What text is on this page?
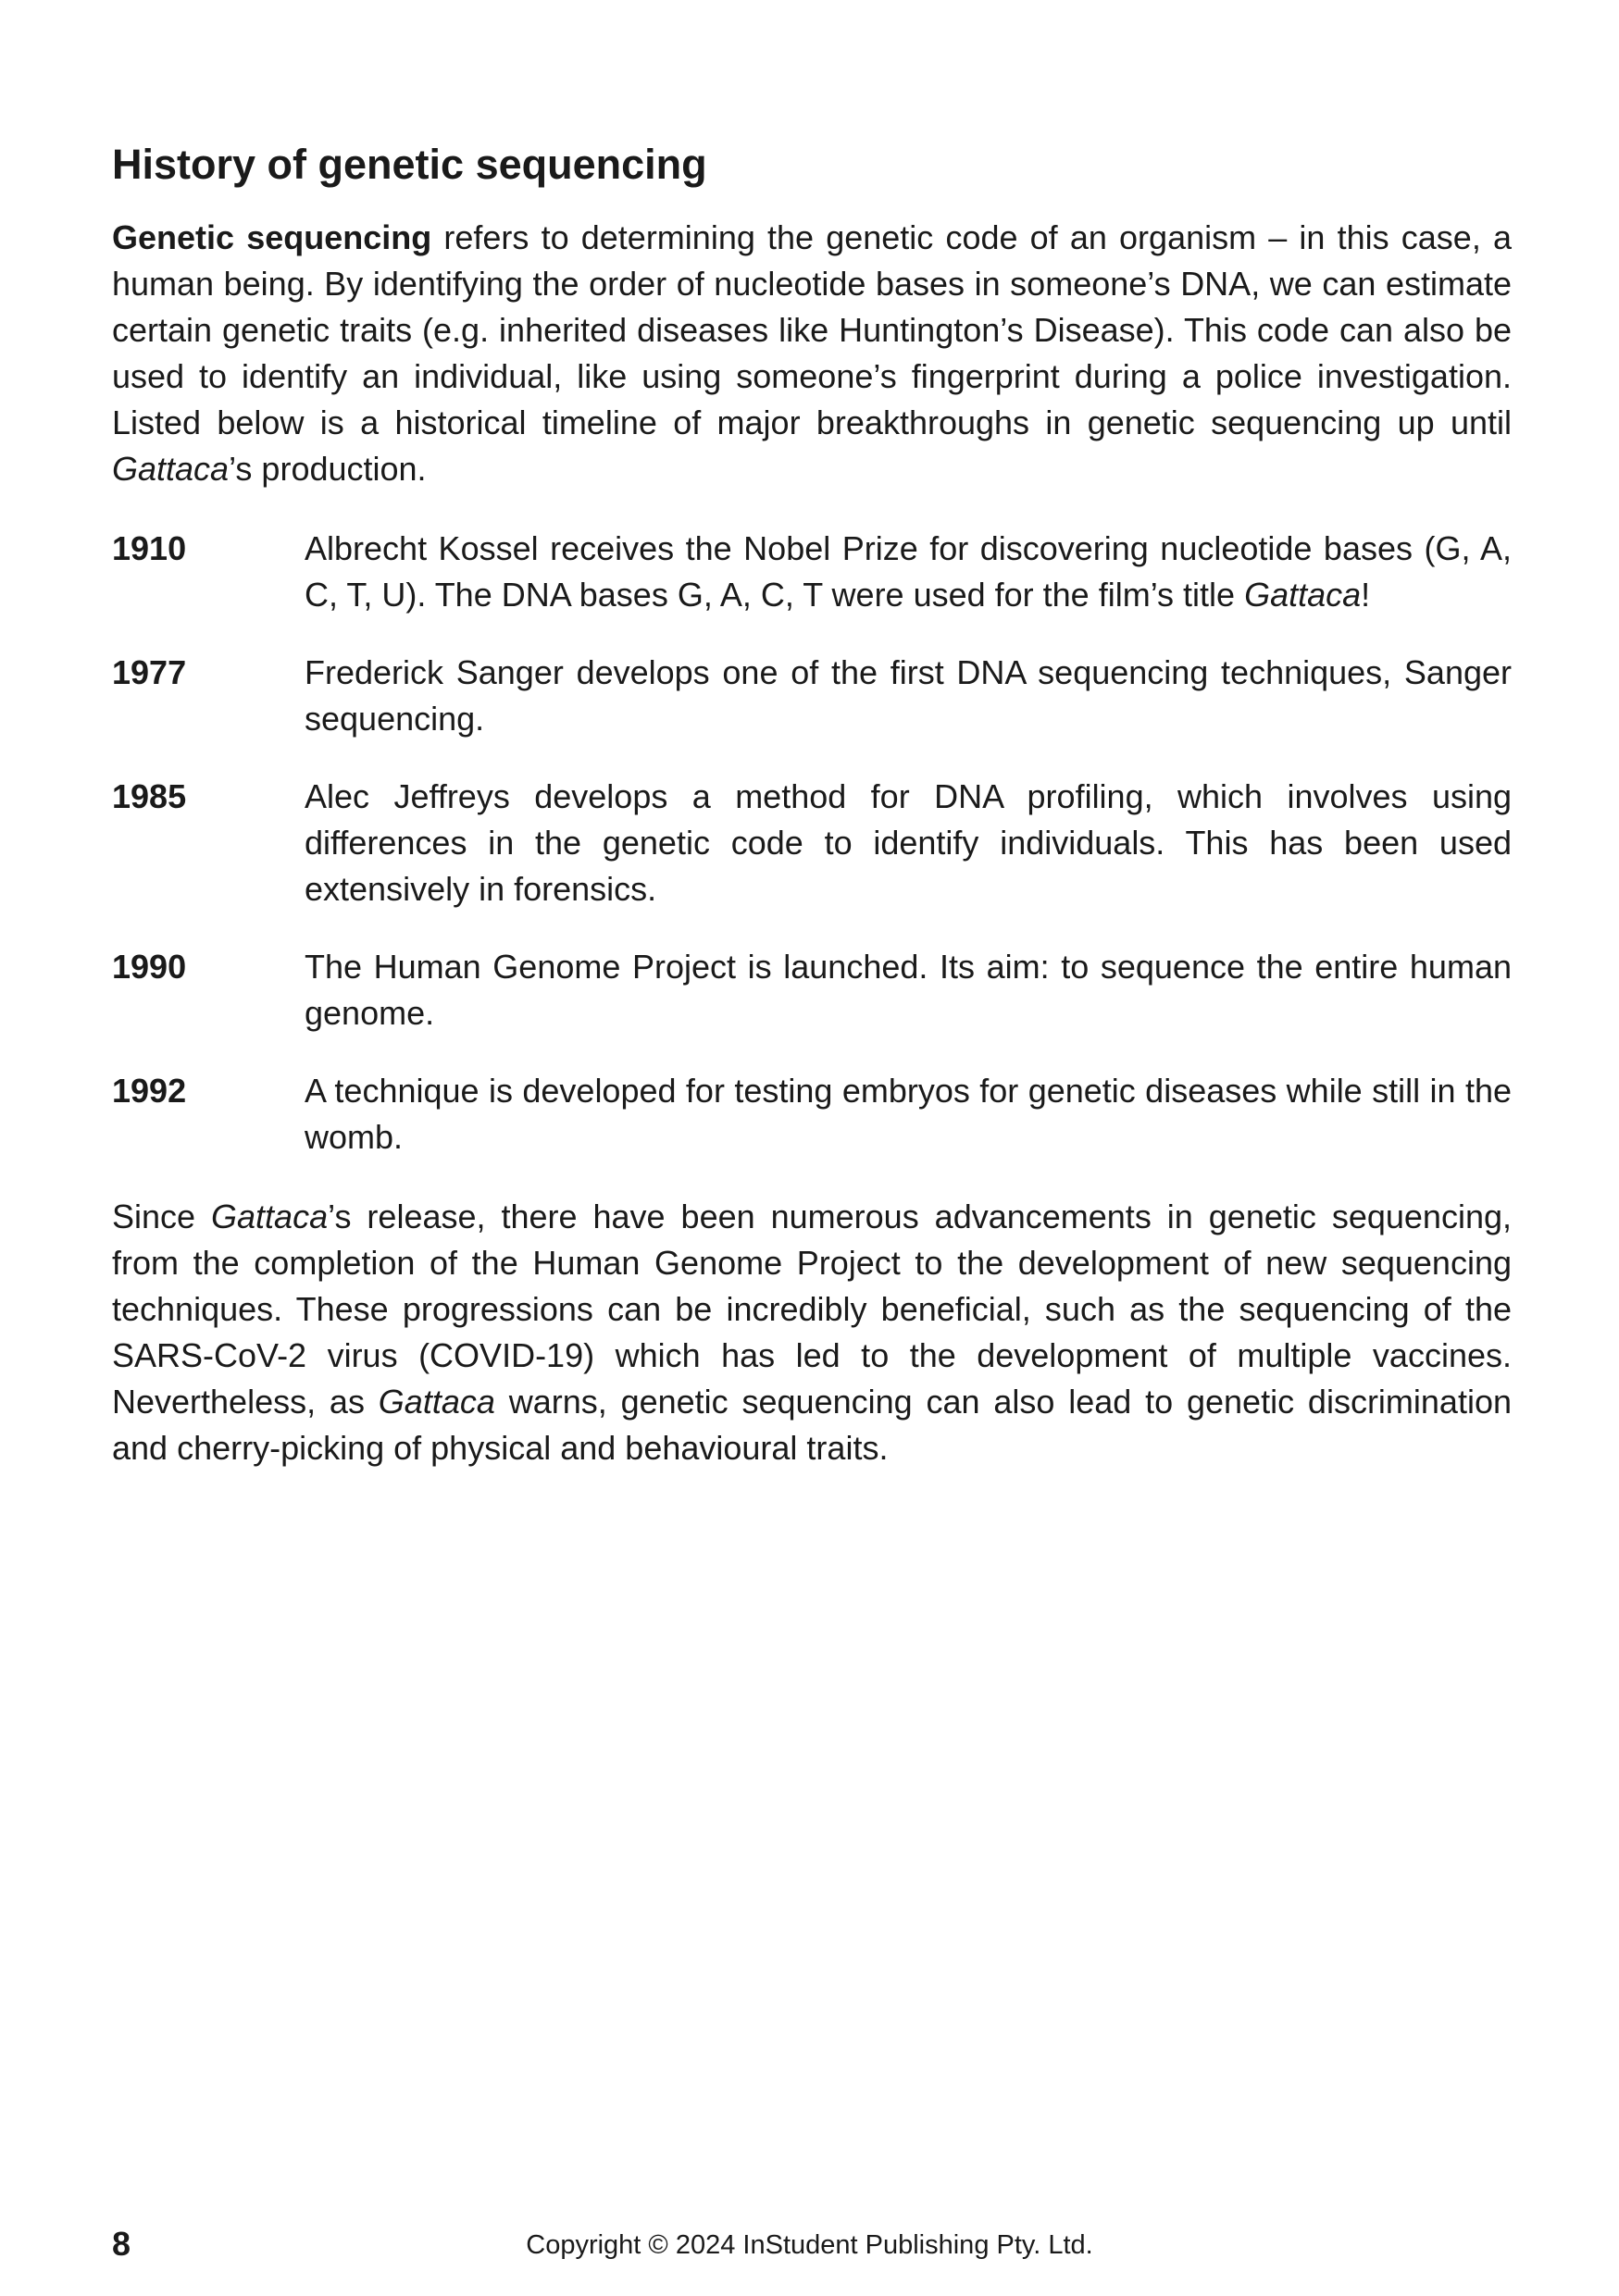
History of genetic sequencing

Genetic sequencing refers to determining the genetic code of an organism – in this case, a human being. By identifying the order of nucleotide bases in someone’s DNA, we can estimate certain genetic traits (e.g. inherited diseases like Huntington’s Disease). This code can also be used to identify an individual, like using someone’s fingerprint during a police investigation. Listed below is a historical timeline of major breakthroughs in genetic sequencing up until Gattaca’s production.

1910	Albrecht Kossel receives the Nobel Prize for discovering nucleotide bases (G, A, C, T, U). The DNA bases G, A, C, T were used for the film’s title Gattaca!
1977	Frederick Sanger develops one of the first DNA sequencing techniques, Sanger sequencing.
1985	Alec Jeffreys develops a method for DNA profiling, which involves using differences in the genetic code to identify individuals. This has been used extensively in forensics.
1990	The Human Genome Project is launched. Its aim: to sequence the entire human genome.
1992	A technique is developed for testing embryos for genetic diseases while still in the womb.

Since Gattaca’s release, there have been numerous advancements in genetic sequencing, from the completion of the Human Genome Project to the development of new sequencing techniques. These progressions can be incredibly beneficial, such as the sequencing of the SARS-CoV-2 virus (COVID-19) which has led to the development of multiple vaccines. Nevertheless, as Gattaca warns, genetic sequencing can also lead to genetic discrimination and cherry-picking of physical and behavioural traits.

8	Copyright © 2024 InStudent Publishing Pty. Ltd.
